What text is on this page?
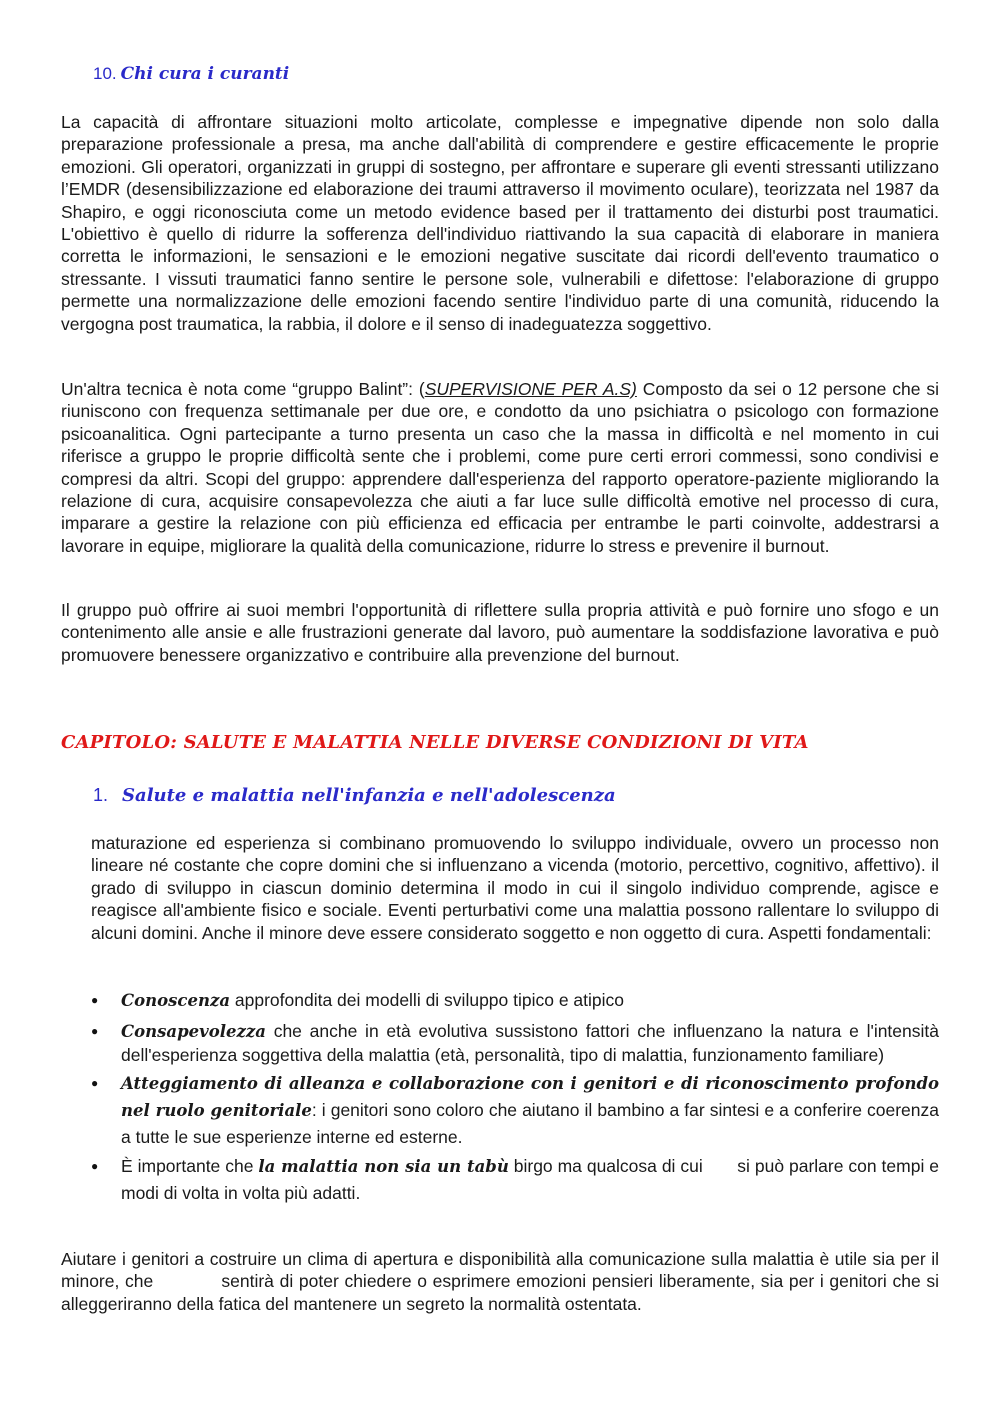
10. Chi cura i curanti

La capacità di affrontare situazioni molto articolate, complesse e impegnative dipende non solo dalla preparazione professionale a presa, ma anche dall'abilità di comprendere e gestire efficacemente le proprie emozioni. Gli operatori, organizzati in gruppi di sostegno, per affrontare e superare gli eventi stressanti utilizzano l’EMDR (desensibilizzazione ed elaborazione dei traumi attraverso il movimento oculare), teorizzata nel 1987 da Shapiro, e oggi riconosciuta come un metodo evidence based per il trattamento dei disturbi post traumatici. L'obiettivo è quello di ridurre la sofferenza dell'individuo riattivando la sua capacità di elaborare in maniera corretta le informazioni, le sensazioni e le emozioni negative suscitate dai ricordi dell'evento traumatico o stressante. I vissuti traumatici fanno sentire le persone sole, vulnerabili e difettose: l'elaborazione di gruppo permette una normalizzazione delle emozioni facendo sentire l'individuo parte di una comunità, riducendo la vergogna post traumatica, la rabbia, il dolore e il senso di inadeguatezza soggettivo.

Un'altra tecnica è nota come “gruppo Balint”: (SUPERVISIONE PER A.S) Composto da sei o 12 persone che si riuniscono con frequenza settimanale per due ore, e condotto da uno psichiatra o psicologo con formazione psicoanalitica. Ogni partecipante a turno presenta un caso che la massa in difficoltà e nel momento in cui riferisce a gruppo le proprie difficoltà sente che i problemi, come pure certi errori commessi, sono condivisi e compresi da altri. Scopi del gruppo: apprendere dall'esperienza del rapporto operatore-paziente migliorando la relazione di cura, acquisire consapevolezza che aiuti a far luce sulle difficoltà emotive nel processo di cura, imparare a gestire la relazione con più efficienza ed efficacia per entrambe le parti coinvolte, addestrarsi a lavorare in equipe, migliorare la qualità della comunicazione, ridurre lo stress e prevenire il burnout.

Il gruppo può offrire ai suoi membri l'opportunità di riflettere sulla propria attività e può fornire uno sfogo e un contenimento alle ansie e alle frustrazioni generate dal lavoro, può aumentare la soddisfazione lavorativa e può promuovere benessere organizzativo e contribuire alla prevenzione del burnout.

CAPITOLO: SALUTE E MALATTIA NELLE DIVERSE CONDIZIONI DI VITA
1. Salute e malattia nell'infanzia e nell'adolescenza

maturazione ed esperienza si combinano promuovendo lo sviluppo individuale, ovvero un processo non lineare né costante che copre domini che si influenzano a vicenda (motorio, percettivo, cognitivo, affettivo). il grado di sviluppo in ciascun dominio determina il modo in cui il singolo individuo comprende, agisce e reagisce all'ambiente fisico e sociale. Eventi perturbativi come una malattia possono rallentare lo sviluppo di alcuni domini. Anche il minore deve essere considerato soggetto e non oggetto di cura. Aspetti fondamentali:

● Conoscenza approfondita dei modelli di sviluppo tipico e atipico
● Consapevolezza che anche in età evolutiva sussistono fattori che influenzano la natura e l'intensità dell'esperienza soggettiva della malattia (età, personalità, tipo di malattia, funzionamento familiare)
● Atteggiamento di alleanza e collaborazione con i genitori e di riconoscimento profondo nel ruolo genitoriale: i genitori sono coloro che aiutano il bambino a far sintesi e a conferire coerenza a tutte le sue esperienze interne ed esterne.
● È importante che la malattia non sia un tabù birgo ma qualcosa di cui       si può parlare con tempi e modi di volta in volta più adatti.

Aiutare i genitori a costruire un clima di apertura e disponibilità alla comunicazione sulla malattia è utile sia per il minore, che            sentirà di poter chiedere o esprimere emozioni pensieri liberamente, sia per i genitori che si alleggeriranno della fatica del mantenere un segreto la normalità ostentata.
